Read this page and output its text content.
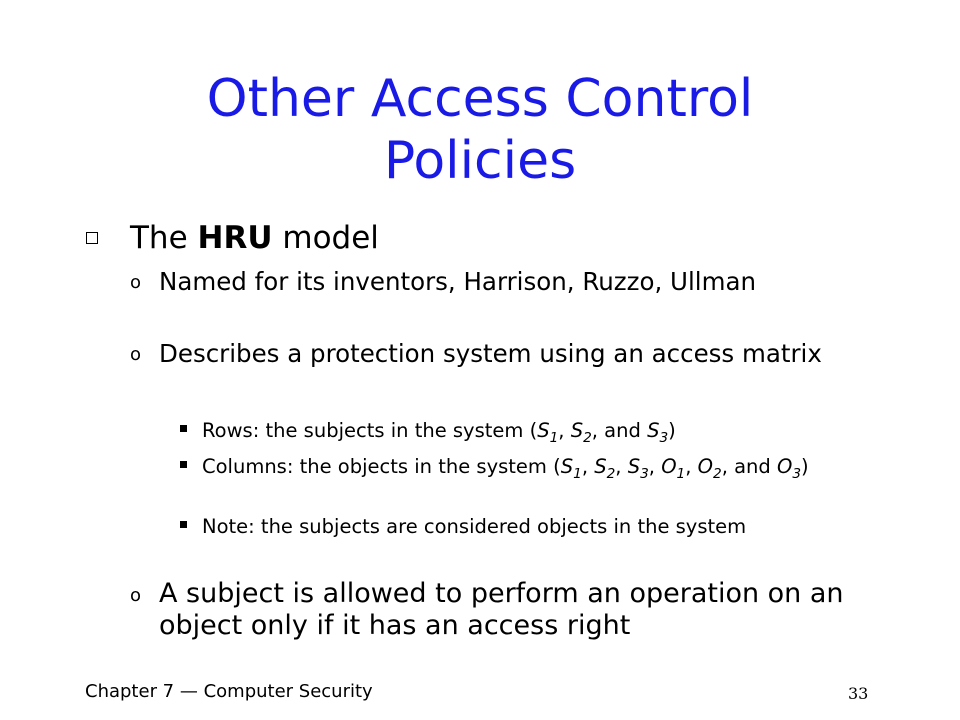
Other Access Control
Policies
The HRU model
o Named for its inventors, Harrison, Ruzzo, Ullman
o Describes a protection system using an access matrix
Rows: the subjects in the system ($S_1$, $S_2$, and $S_3$)
Columns: the objects in the system ($S_1$, $S_2$, $S_3$, $O_1$, $O_2$, and $O_3$)
Note: the subjects are considered objects in the system
o A subject is allowed to perform an operation on an object only if it has an access right
Chapter 7 — Computer Security	33
